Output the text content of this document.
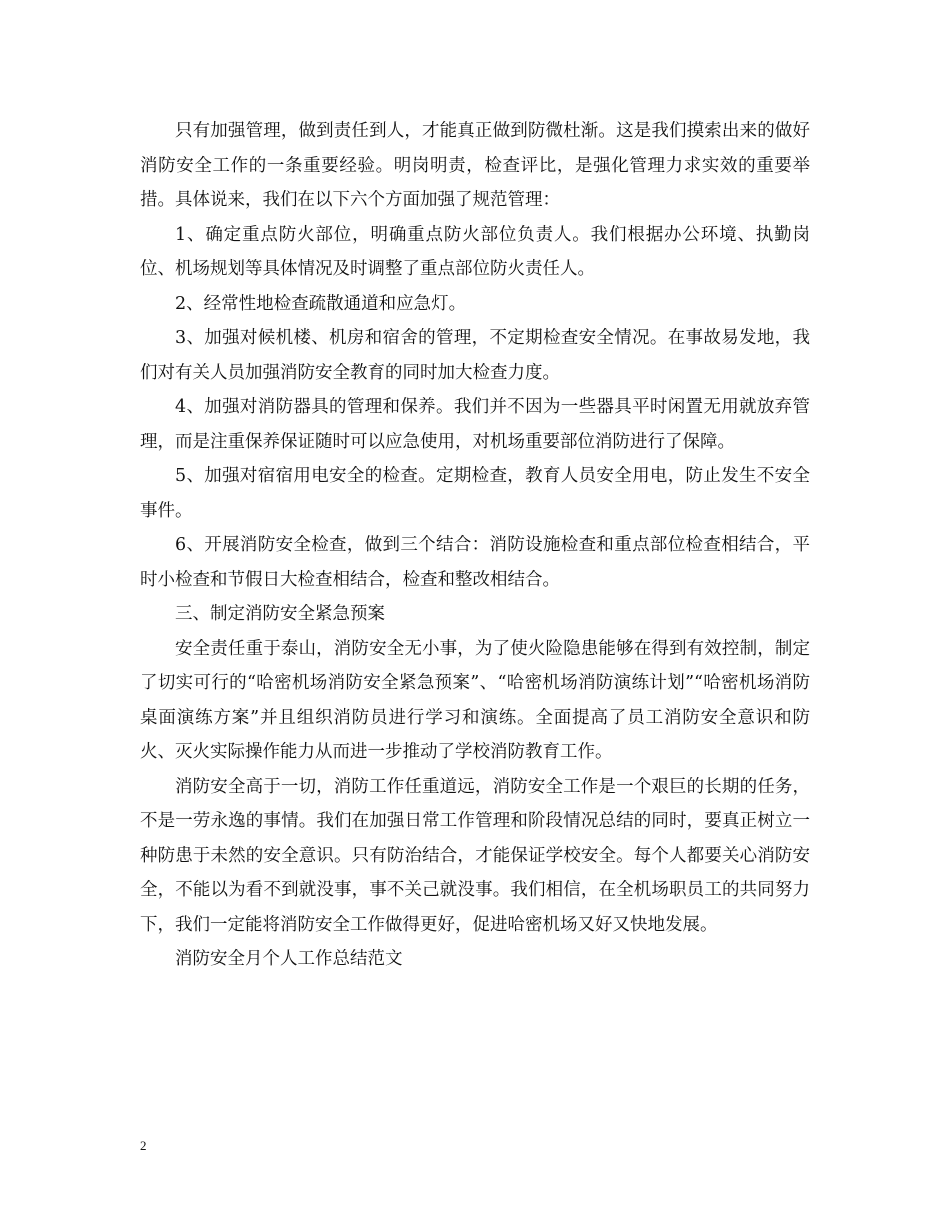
只有加强管理，做到责任到人，才能真正做到防微杜渐。这是我们摸索出来的做好消防安全工作的一条重要经验。明岗明责，检查评比，是强化管理力求实效的重要举措。具体说来，我们在以下六个方面加强了规范管理：

1、确定重点防火部位，明确重点防火部位负责人。我们根据办公环境、执勤岗位、机场规划等具体情况及时调整了重点部位防火责任人。

2、经常性地检查疏散通道和应急灯。

3、加强对候机楼、机房和宿舍的管理，不定期检查安全情况。在事故易发地，我们对有关人员加强消防安全教育的同时加大检查力度。

4、加强对消防器具的管理和保养。我们并不因为一些器具平时闲置无用就放弃管理，而是注重保养保证随时可以应急使用，对机场重要部位消防进行了保障。

5、加强对宿宿用电安全的检查。定期检查，教育人员安全用电，防止发生不安全事件。

6、开展消防安全检查，做到三个结合：消防设施检查和重点部位检查相结合，平时小检查和节假日大检查相结合，检查和整改相结合。

三、制定消防安全紧急预案

安全责任重于泰山，消防安全无小事，为了使火险隐患能够在得到有效控制，制定了切实可行的“哈密机场消防安全紧急预案”、“哈密机场消防演练计划”“哈密机场消防桌面演练方案”并且组织消防员进行学习和演练。全面提高了员工消防安全意识和防火、灭火实际操作能力从而进一步推动了学校消防教育工作。

消防安全高于一切，消防工作任重道远，消防安全工作是一个艰巨的长期的任务，不是一劳永逸的事情。我们在加强日常工作管理和阶段情况总结的同时，要真正树立一种防患于未然的安全意识。只有防治结合，才能保证学校安全。每个人都要关心消防安全，不能以为看不到就没事，事不关己就没事。我们相信，在全机场职员工的共同努力下，我们一定能将消防安全工作做得更好，促进哈密机场又好又快地发展。

消防安全月个人工作总结范文

2
